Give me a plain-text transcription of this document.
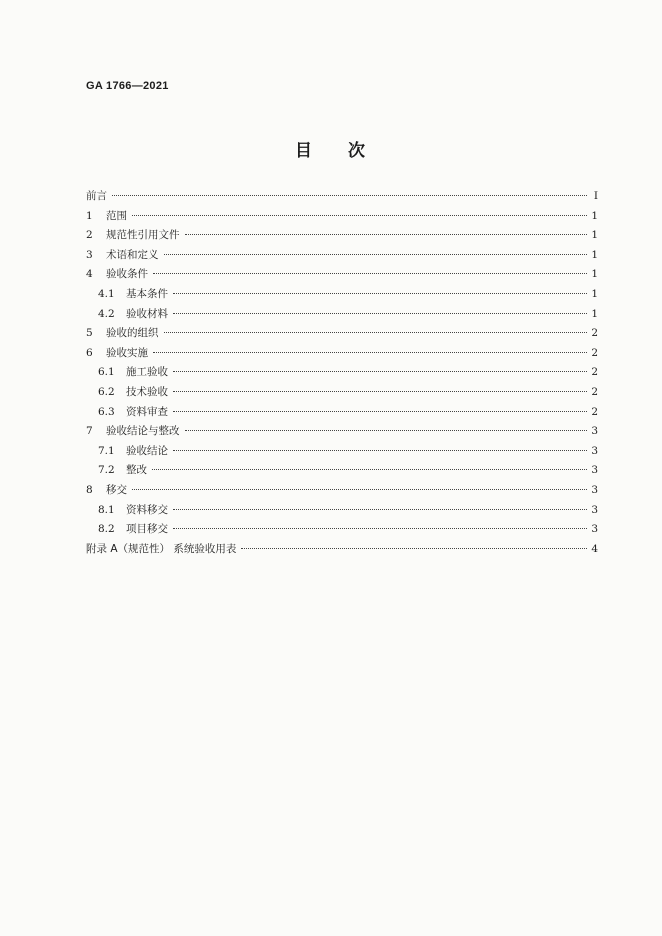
GA 1766—2021
目 次
前言	Ⅰ
1	范围	1
2	规范性引用文件	1
3	术语和定义	1
4	验收条件	1
4.1	基本条件	1
4.2	验收材料	1
5	验收的组织	2
6	验收实施	2
6.1	施工验收	2
6.2	技术验收	2
6.3	资料审查	2
7	验收结论与整改	3
7.1	验收结论	3
7.2	整改	3
8	移交	3
8.1	资料移交	3
8.2	项目移交	3
附录 A（规范性） 系统验收用表	4
